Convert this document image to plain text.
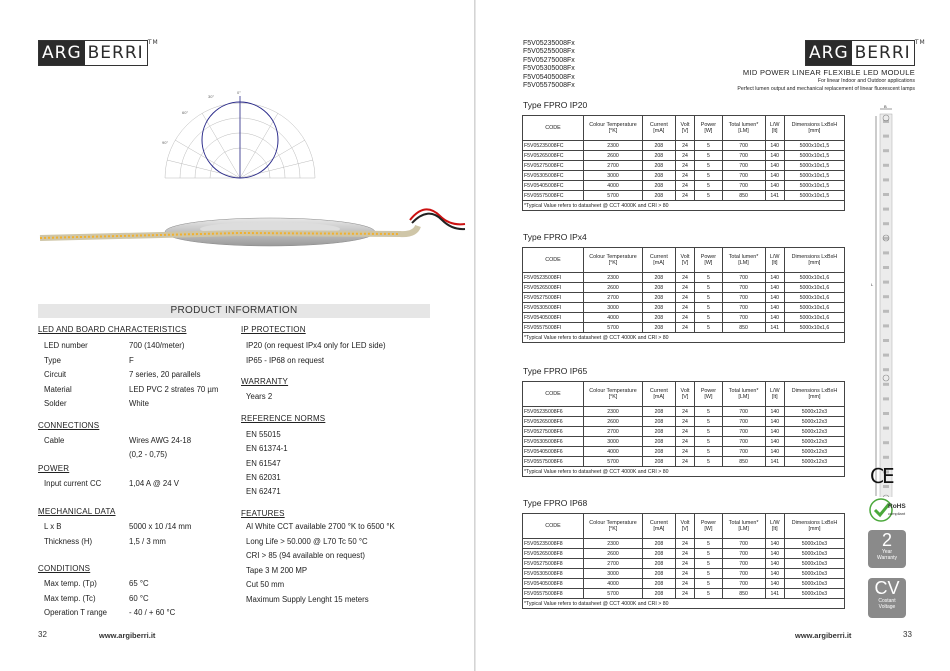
ARG BERRI
TM
90°
60°
30°
0°
PRODUCT INFORMATION
LED AND BOARD CHARACTERISTICS
LED number	700 (140/meter)
Type	F
Circuit	7 series, 20 parallels
Material	LED PVC 2 strates 70 µm
Solder	White
CONNECTIONS
Cable	Wires AWG 24-18
(0,2 - 0,75)
POWER
Input current CC	1,04 A @ 24 V
MECHANICAL DATA
L x B	5000 x 10 /14 mm
Thickness (H)	1,5 / 3 mm
CONDITIONS
Max temp. (Tp)	65 °C
Max temp. (Tc)	60 °C
Operation T range	- 40 / + 60 °C
IP PROTECTION
IP20 (on request IPx4 only for LED side)
IP65 - IP68 on request
WARRANTY
Years 2
REFERENCE NORMS
EN 55015
EN 61374-1
EN 61547
EN 62031
EN 62471
FEATURES
Al White CCT available 2700 °K to 6500 °K
Long Life > 50.000 @ L70 Tc 50 °C
CRI > 85 (94 available on request)
Tape 3 M 200 MP
Cut 50 mm
Maximum Supply Lenght 15 meters
32	www.argiberri.it
F5V05235008Fx
F5V05255008Fx
F5V05275008Fx
F5V05305008Fx
F5V05405008Fx
F5V05575008Fx
ARG BERRI
TM
MID POWER LINEAR FLEXIBLE LED MODULE
For linear Indoor and Outdoor applications
Perfect lumen output and mechanical replacement of linear fluorescent lamps
Type FPRO IP20
CODE	Colour Temperature [°K]	Current [mA]	Volt [V]	Power [W]	Total lumen* [LM]	L/W [lt]	Dimensions LxBxH [mm]
F5V05235008FC	2300	208	24	5	700	140	5000x10x1,5
F5V05265008FC	2600	208	24	5	700	140	5000x10x1,5
F5V05275008FC	2700	208	24	5	700	140	5000x10x1,5
F5V05305008FC	3000	208	24	5	700	140	5000x10x1,5
F5V05405008FC	4000	208	24	5	700	140	5000x10x1,5
F5V05575008FC	5700	208	24	5	850	141	5000x10x1,5
*Typical Value refers to datasheet @ CCT 4000K and CRI > 80							
Type FPRO IPx4
CODE	Colour Temperature [°K]	Current [mA]	Volt [V]	Power [W]	Total lumen* [LM]	L/W [lt]	Dimensions LxBxH [mm]
F5V05235008FI	2300	208	24	5	700	140	5000x10x1,6
F5V05265008FI	2600	208	24	5	700	140	5000x10x1,6
F5V05275008FI	2700	208	24	5	700	140	5000x10x1,6
F5V05305008FI	3000	208	24	5	700	140	5000x10x1,6
F5V05405008FI	4000	208	24	5	700	140	5000x10x1,6
F5V05575008FI	5700	208	24	5	850	141	5000x10x1,6
*Typical Value refers to datasheet @ CCT 4000K and CRI > 80							
Type FPRO IP65
CODE	Colour Temperature [°K]	Current [mA]	Volt [V]	Power [W]	Total lumen* [LM]	L/W [lt]	Dimensions LxBxH [mm]
F5V05235008F6	2300	208	24	5	700	140	5000x12x3
F5V05265008F6	2600	208	24	5	700	140	5000x12x3
F5V05275008F6	2700	208	24	5	700	140	5000x12x3
F5V05305008F6	3000	208	24	5	700	140	5000x12x3
F5V05405008F6	4000	208	24	5	700	140	5000x12x3
F5V05575008F6	5700	208	24	5	850	141	5000x12x3
*Typical Value refers to datasheet @ CCT 4000K and CRI > 80							
Type FPRO IP68
CODE	Colour Temperature [°K]	Current [mA]	Volt [V]	Power [W]	Total lumen* [LM]	L/W [lt]	Dimensions LxBxH [mm]
F5V05235008F8	2300	208	24	5	700	140	5000x10x3
F5V05265008F8	2600	208	24	5	700	140	5000x10x3
F5V05275008F8	2700	208	24	5	700	140	5000x10x3
F5V05305008F8	3000	208	24	5	700	140	5000x10x3
F5V05405008F8	4000	208	24	5	700	140	5000x10x3
F5V05575008F8	5700	208	24	5	850	141	5000x10x3
*Typical Value refers to datasheet @ CCT 4000K and CRI > 80							
B
L
CE
RoHS
compliant
2
Year
Warranty
CV
Costant
Voltage
www.argiberri.it	33
